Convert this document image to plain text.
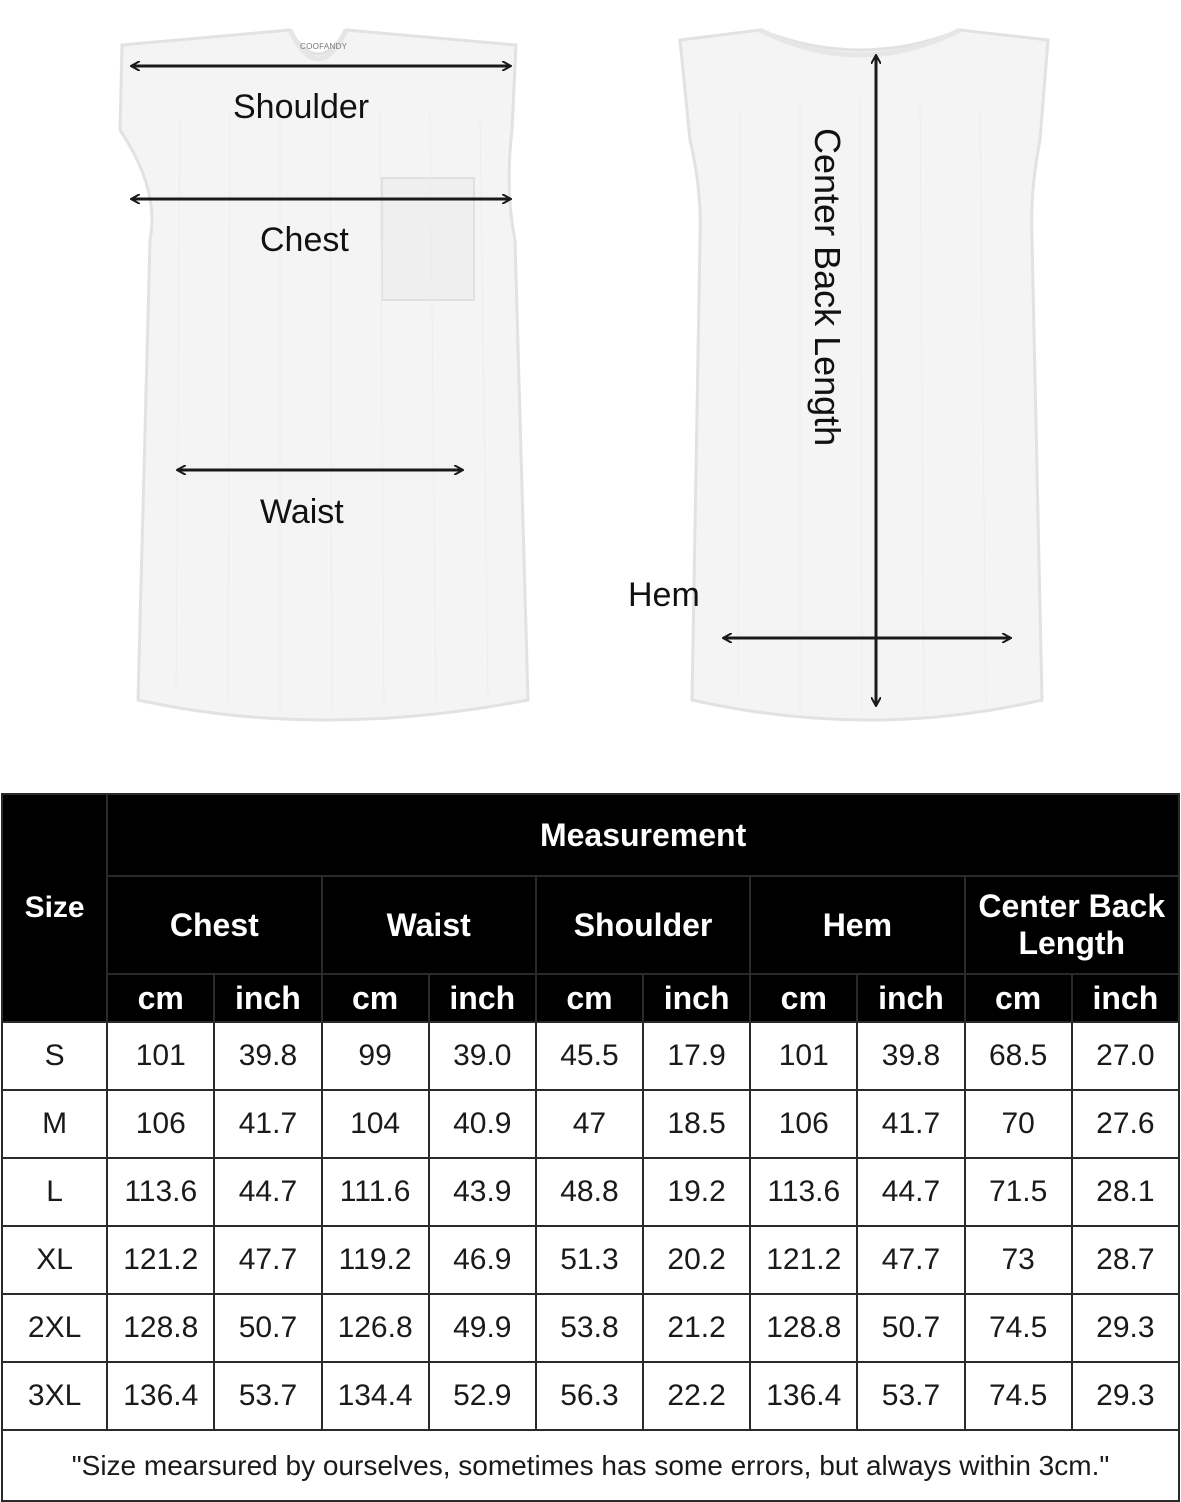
COOFANDY
Shoulder
Chest
Waist
Hem
Center Back Length
Size	Measurement									
	Chest		Waist		Shoulder		Hem		Center Back Length	
	cm	inch	cm	inch	cm	inch	cm	inch	cm	inch
S	101	39.8	99	39.0	45.5	17.9	101	39.8	68.5	27.0
M	106	41.7	104	40.9	47	18.5	106	41.7	70	27.6
L	113.6	44.7	111.6	43.9	48.8	19.2	113.6	44.7	71.5	28.1
XL	121.2	47.7	119.2	46.9	51.3	20.2	121.2	47.7	73	28.7
2XL	128.8	50.7	126.8	49.9	53.8	21.2	128.8	50.7	74.5	29.3
3XL	136.4	53.7	134.4	52.9	56.3	22.2	136.4	53.7	74.5	29.3
"Size mearsured by ourselves, sometimes has some errors, but always within 3cm."										
